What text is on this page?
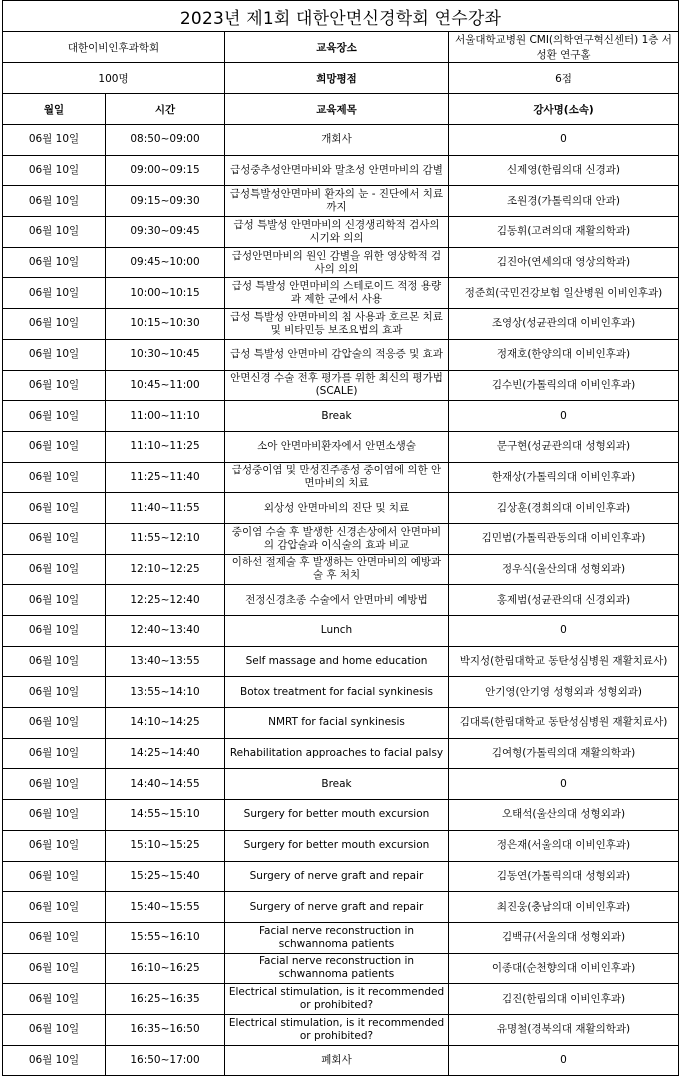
2023년 제1회 대한안면신경학회 연수강좌			
대한이비인후과학회		교육장소	서울대학교병원 CMI(의학연구혁신센터) 1층 서성환 연구홀
100명		희망평점	6점
월일	시간	교육제목	강사명(소속)
06월 10일	08:50~09:00	개회사	0
06월 10일	09:00~09:15	급성중추성안면마비와 말초성 안면마비의 감별	신제영(한림의대 신경과)
06월 10일	09:15~09:30	급성특발성안면마비 환자의 눈 - 진단에서 치료까지	조원경(가톨릭의대 안과)
06월 10일	09:30~09:45	급성 특발성 안면마비의 신경생리학적 검사의 시기와 의의	김동휘(고려의대 재활의학과)
06월 10일	09:45~10:00	급성안면마비의 원인 감별을 위한 영상학적 검사의 의의	김진아(연세의대 영상의학과)
06월 10일	10:00~10:15	급성 특발성 안면마비의 스테로이드 적정 용량과 제한 군에서 사용	정준희(국민건강보험 일산병원 이비인후과)
06월 10일	10:15~10:30	급성 특발성 안면마비의 침 사용과 호르몬 치료 및 비타민등 보조요법의 효과	조영상(성균관의대 이비인후과)
06월 10일	10:30~10:45	급성 특발성 안면마비 감압술의 적응증 및 효과	정재호(한양의대 이비인후과)
06월 10일	10:45~11:00	안면신경 수술 전후 평가를 위한 최신의 평가법(SCALE)	김수빈(가톨릭의대 이비인후과)
06월 10일	11:00~11:10	Break	0
06월 10일	11:10~11:25	소아 안면마비환자에서 안면소생술	문구현(성균관의대 성형외과)
06월 10일	11:25~11:40	급성중이염 및 만성진주종성 중이염에 의한 안면마비의 치료	한재상(가톨릭의대 이비인후과)
06월 10일	11:40~11:55	외상성 안면마비의 진단 및 치료	김상훈(경희의대 이비인후과)
06월 10일	11:55~12:10	중이염 수술 후 발생한 신경손상에서 안면마비의 감압술과 이식술의 효과 비교	김민범(가톨릭관동의대 이비인후과)
06월 10일	12:10~12:25	이하선 절제술 후 발생하는 안면마비의 예방과 술 후 처치	정우식(울산의대 성형외과)
06월 10일	12:25~12:40	전정신경초종 수술에서 안면마비 예방법	홍제범(성균관의대 신경외과)
06월 10일	12:40~13:40	Lunch	0
06월 10일	13:40~13:55	Self massage and home education	박지성(한림대학교 동탄성심병원 재활치료사)
06월 10일	13:55~14:10	Botox treatment for facial synkinesis	안기영(안기영 성형외과 성형외과)
06월 10일	14:10~14:25	NMRT for facial synkinesis	김대록(한림대학교 동탄성심병원 재활치료사)
06월 10일	14:25~14:40	Rehabilitation approaches to facial palsy	김여형(가톨릭의대 재활의학과)
06월 10일	14:40~14:55	Break	0
06월 10일	14:55~15:10	Surgery for better mouth excursion	오태석(울산의대 성형외과)
06월 10일	15:10~15:25	Surgery for better mouth excursion	정은재(서울의대 이비인후과)
06월 10일	15:25~15:40	Surgery of nerve graft and repair	김동연(가톨릭의대 성형외과)
06월 10일	15:40~15:55	Surgery of nerve graft and repair	최진웅(충남의대 이비인후과)
06월 10일	15:55~16:10	Facial nerve reconstruction in schwannoma patients	김백규(서울의대 성형외과)
06월 10일	16:10~16:25	Facial nerve reconstruction in schwannoma patients	이종대(순천향의대 이비인후과)
06월 10일	16:25~16:35	Electrical stimulation, is it recommended or prohibited?	김진(한림의대 이비인후과)
06월 10일	16:35~16:50	Electrical stimulation, is it recommended or prohibited?	유명철(경북의대 재활의학과)
06월 10일	16:50~17:00	폐회사	0
